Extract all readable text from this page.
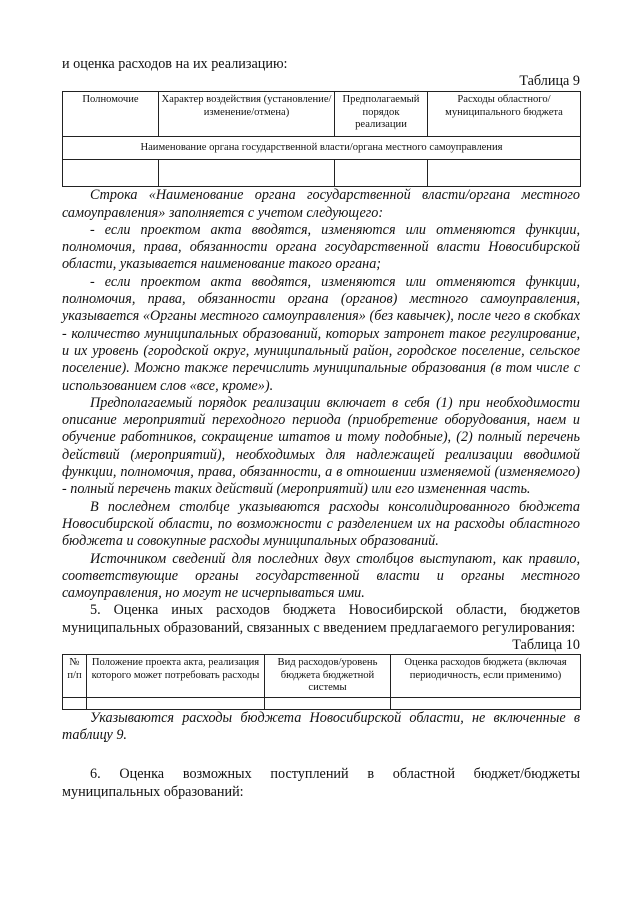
и оценка расходов на их реализацию:
Таблица 9
Полномочие	Характер воздействия (установление/изменение/отмена)	Предполагаемый порядок реализации	Расходы областного/муниципального бюджета
Наименование органа государственной власти/органа местного самоуправления			

Строка «Наименование органа государственной власти/органа местного самоуправления» заполняется с учетом следующего:

- если проектом акта вводятся, изменяются или отменяются функции, полномочия, права, обязанности органа государственной власти Новосибирской области, указывается наименование такого органа;

- если проектом акта вводятся, изменяются или отменяются функции, полномочия, права, обязанности органа (органов) местного самоуправления, указывается «Органы местного самоуправления» (без кавычек), после чего в скобках - количество муниципальных образований, которых затронет такое регулирование, и их уровень (городской округ, муниципальный район, городское поселение, сельское поселение). Можно также перечислить муниципальные образования (в том числе с использованием слов «все, кроме»).

Предполагаемый порядок реализации включает в себя (1) при необходимости описание мероприятий переходного периода (приобретение оборудования, наем и обучение работников, сокращение штатов и тому подобные), (2) полный перечень действий (мероприятий), необходимых для надлежащей реализации вводимой функции, полномочия, права, обязанности, а в отношении изменяемой (изменяемого) - полный перечень таких действий (мероприятий) или его измененная часть.

В последнем столбце указываются расходы консолидированного бюджета Новосибирской области, по возможности с разделением их на расходы областного бюджета и совокупные расходы муниципальных образований.

Источником сведений для последних двух столбцов выступают, как правило, соответствующие органы государственной власти и органы местного самоуправления, но могут не исчерпываться ими.

5. Оценка иных расходов бюджета Новосибирской области, бюджетов муниципальных образований, связанных с введением предлагаемого регулирования:

Таблица 10
№ п/п	Положение проекта акта, реализация которого может потребовать расходы	Вид расходов/уровень бюджета бюджетной системы	Оценка расходов бюджета (включая периодичность, если применимо)

Указываются расходы бюджета Новосибирской области, не включенные в таблицу 9.

6. Оценка возможных поступлений в областной бюджет/бюджеты муниципальных образований:
